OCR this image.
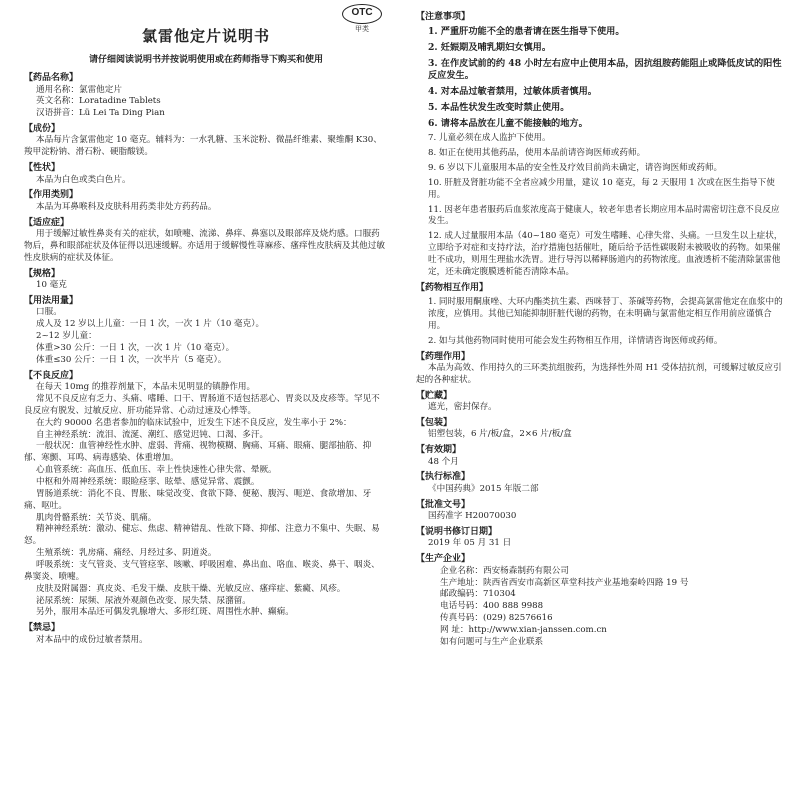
OTC
甲类
氯雷他定片说明书
请仔细阅读说明书并按说明使用或在药师指导下购买和使用
【药品名称】
通用名称：氯雷他定片
英文名称：Loratadine Tablets
汉语拼音：Lü Lei Ta Ding Pian
【成份】
本品每片含氯雷他定 10 毫克。辅料为：一水乳糖、玉米淀粉、微晶纤维素、聚维酮 K30、羧甲淀粉钠、滑石粉、硬脂酸镁。
【性状】
本品为白色或类白色片。
【作用类别】
本品为耳鼻喉科及皮肤科用药类非处方药药品。
【适应症】
用于缓解过敏性鼻炎有关的症状，如喷嚏、流涕、鼻痒、鼻塞以及眼部痒及烧灼感。口服药物后，鼻和眼部症状及体征得以迅速缓解。亦适用于缓解慢性荨麻疹、瘙痒性皮肤病及其他过敏性皮肤病的症状及体征。
【规格】
10 毫克
【用法用量】
口服。
成人及 12 岁以上儿童：一日 1 次，一次 1 片（10 毫克）。
2~12 岁儿童：
体重>30 公斤：一日 1 次，一次 1 片（10 毫克）。
体重≤30 公斤：一日 1 次，一次半片（5 毫克）。
【不良反应】
在每天 10mg 的推荐剂量下，本品未见明显的镇静作用。
常见不良反应有乏力、头痛、嗜睡、口干、胃肠道不适包括恶心、胃炎以及皮疹等。罕见不良反应有脱发、过敏反应、肝功能异常、心动过速及心悸等。
在大约 90000 名患者参加的临床试验中，近发生下述不良反应，发生率小于 2%：
自主神经系统：流泪、流涎、潮红、感觉迟钝、口渴、多汗。
一般状况：血管神经性水肿、虚弱、背痛、视物模糊、胸痛、耳痛、眼痛、腿部抽筋、抑郁、寒颤、耳鸣、病毒感染、体重增加。
心血管系统：高血压、低血压、幸上性快速性心律失常、晕厥。
中枢和外周神经系统：眼睑痉挛、眩晕、感觉异常、震颤。
胃肠道系统：消化不良、胃胀、味觉改变、食欲下降、便秘、腹泻、呃逆、食欲增加、牙痛、呕吐。
肌肉骨骼系统：关节炎、肌痛。
精神神经系统：激动、健忘、焦虑、精神错乱、性欲下降、抑郁、注意力不集中、失眠、易怒。
生殖系统：乳房痛、痛经、月经过多、阴道炎。
呼吸系统：支气管炎、支气管痉挛、咳嗽、呼吸困难、鼻出血、咯血、喉炎、鼻干、咽炎、鼻窦炎、喷嚏。
皮肤及附属器：真皮炎、毛发干燥、皮肤干燥、光敏反应、瘙痒症、紫癜、风疹。
泌尿系统：尿频、尿液外观颜色改变、尿失禁、尿潴留。
另外，服用本品还可偶发乳腺增大、多形红斑、周围性水肿、癫痫。
【禁忌】
对本品中的成份过敏者禁用。
【注意事项】
1. 严重肝功能不全的患者请在医生指导下使用。
2. 妊娠期及哺乳期妇女慎用。
3. 在作皮试前的约 48 小时左右应中止使用本品，因抗组胺药能阻止或降低皮试的阳性反应发生。
4. 对本品过敏者禁用，过敏体质者慎用。
5. 本品性状发生改变时禁止使用。
6. 请将本品放在儿童不能接触的地方。
7. 儿童必须在成人监护下使用。
8. 如正在使用其他药品，使用本品前请咨询医师或药师。
9. 6 岁以下儿童服用本品的安全性及疗效目前尚未确定，请咨询医师或药师。
10. 肝脏及肾脏功能不全者应减少用量，建议 10 毫克，每 2 天服用 1 次或在医生指导下使用。
11. 因老年患者服药后血浆浓度高于健康人，较老年患者长期应用本品时需密切注意不良反应发生。
12. 成人过量服用本品（40~180 毫克）可发生嗜睡、心律失常、头痛。一旦发生以上症状，立即给予对症和支持疗法，治疗措施包括催吐，随后给予活性碳吸附未被吸收的药物。如果催吐不成功，则用生理盐水洗胃。进行导泻以稀释肠道内的药物浓度。血液透析不能清除氯雷他定，还未确定腹膜透析能否清除本品。
【药物相互作用】
1. 同时服用酮康唑、大环内酯类抗生素、西咪替丁、茶碱等药物，会提高氯雷他定在血浆中的浓度，应慎用。其他已知能抑制肝脏代谢的药物，在未明确与氯雷他定相互作用前应谨慎合用。
2. 如与其他药物同时使用可能会发生药物相互作用，详情请咨询医师或药师。
【药理作用】
本品为高效、作用持久的三环类抗组胺药，为选择性外周 H1 受体拮抗剂，可缓解过敏反应引起的各种症状。
【贮藏】
遮光，密封保存。
【包装】
铝塑包装，6 片/板/盒，2×6 片/板/盒
【有效期】
48 个月
【执行标准】
《中国药典》2015 年版二部
【批准文号】
国药准字 H20070030
【说明书修订日期】
2019 年 05 月 31 日
【生产企业】
企业名称：西安杨森制药有限公司
生产地址：陕西省西安市高新区草堂科技产业基地秦岭四路 19 号
邮政编码：710304
电话号码：400 888 9988
传真号码：(029) 82576616
网 址：http://www.xian-janssen.com.cn
如有问题可与生产企业联系
